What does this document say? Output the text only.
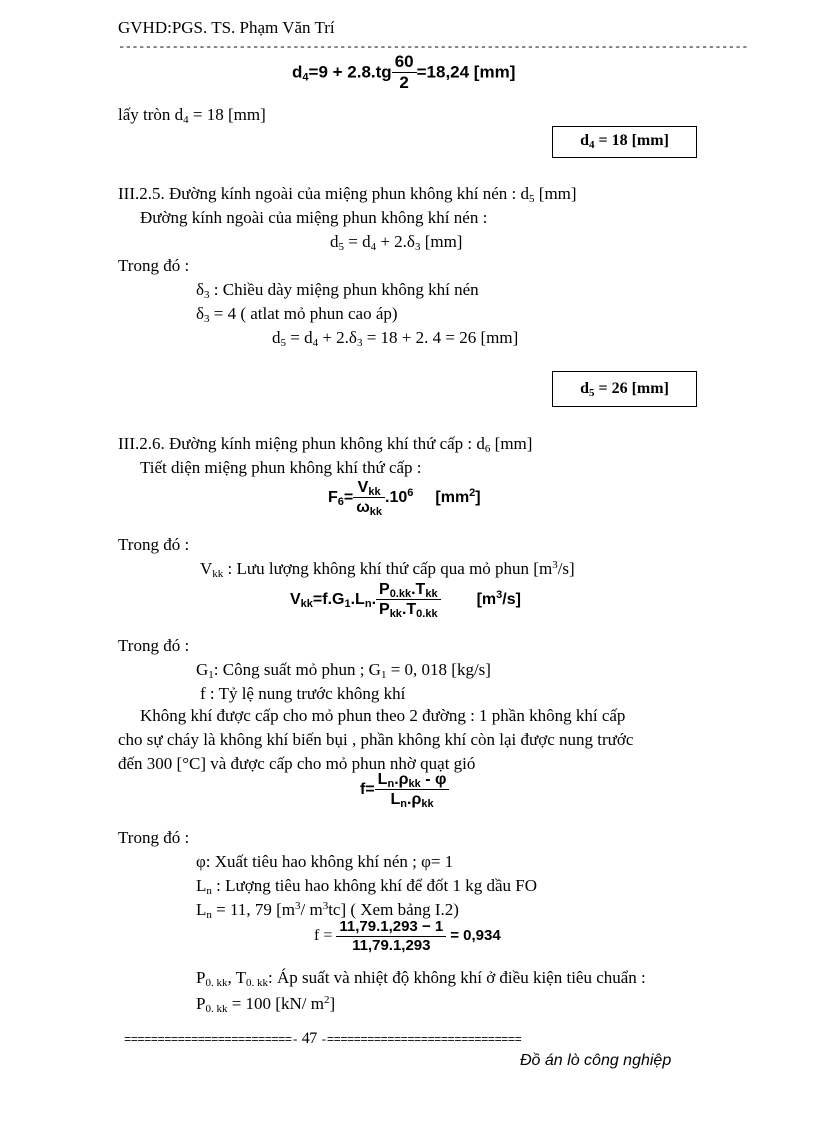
GVHD:PGS. TS. Phạm Văn Trí
----------------------------------------------------------------------------------------------
$d_4=9 + 2.8.tg \frac{60}{2} =18,24$ [mm]
lấy tròn $d_4 = 18$ [mm]
$d_4 = 18$ [mm]
III.2.5. Đường kính ngoài của miệng phun không khí nén : $d_5$ [mm]
Đường kính ngoài của miệng phun không khí nén :
$d_5 = d_4 + 2.\delta_3$ [mm]
Trong đó :
$\delta_3$ : Chiều dày miệng phun không khí nén
$\delta_3 = 4$ ( atlat mỏ phun cao áp)
$d_5 = d_4 + 2.\delta_3 = 18 + 2$. 4 = 26 [mm]
$d_5 = 26$ [mm]
III.2.6. Đường kính miệng phun không khí thứ cấp : $d_6$ [mm]
Tiết diện miệng phun không khí thứ cấp :
$F_6= \frac{V_{kk}}{\omega_{kk}} .10^6$ $[mm^2]$
Trong đó :
$V_{kk}$ : Lưu lượng không khí thứ cấp qua mỏ phun $[m^3/s]$
$V_{kk}=f.G_1.L_n$. $\frac{P_{0.kk}.T_{kk}}{P_{kk}.T_{0.kk}} [m^3/s]$
Trong đó :
$G_1$: Công suất mỏ phun ; $G_1 = 0$, 018 [kg/s]
f : Tỷ lệ nung trước không khí
Không khí được cấp cho mỏ phun theo 2 đường : 1 phần không khí cấp
cho sự cháy là không khí biến bụi , phần không khí còn lại được nung trước
đến 300 [°C] và được cấp cho mỏ phun nhờ quạt gió
$f= \frac{L_n.\rho_{kk} - \varphi}{L_n.\rho_{kk}}$
Trong đó :
φ: Xuất tiêu hao không khí nén ; φ= 1
$L_n$ : Lượng tiêu hao không khí để đốt 1 kg dầu FO
$L_n = 11$, 79 [$m^3/$ $m^3tc$] ( Xem bảng I.2)
$f = \frac{11,79.1,293 - 1}{11,79.1,293} = 0,934$
$P_{0. kk}$, $T_{0. kk}$: Áp suất và nhiệt độ không khí ở điều kiện tiêu chuẩn :
$P_{0. kk} = 100$ [kN/ $m^2$]
=========================- 47 -=============================
Đồ án lò công nghiệp
